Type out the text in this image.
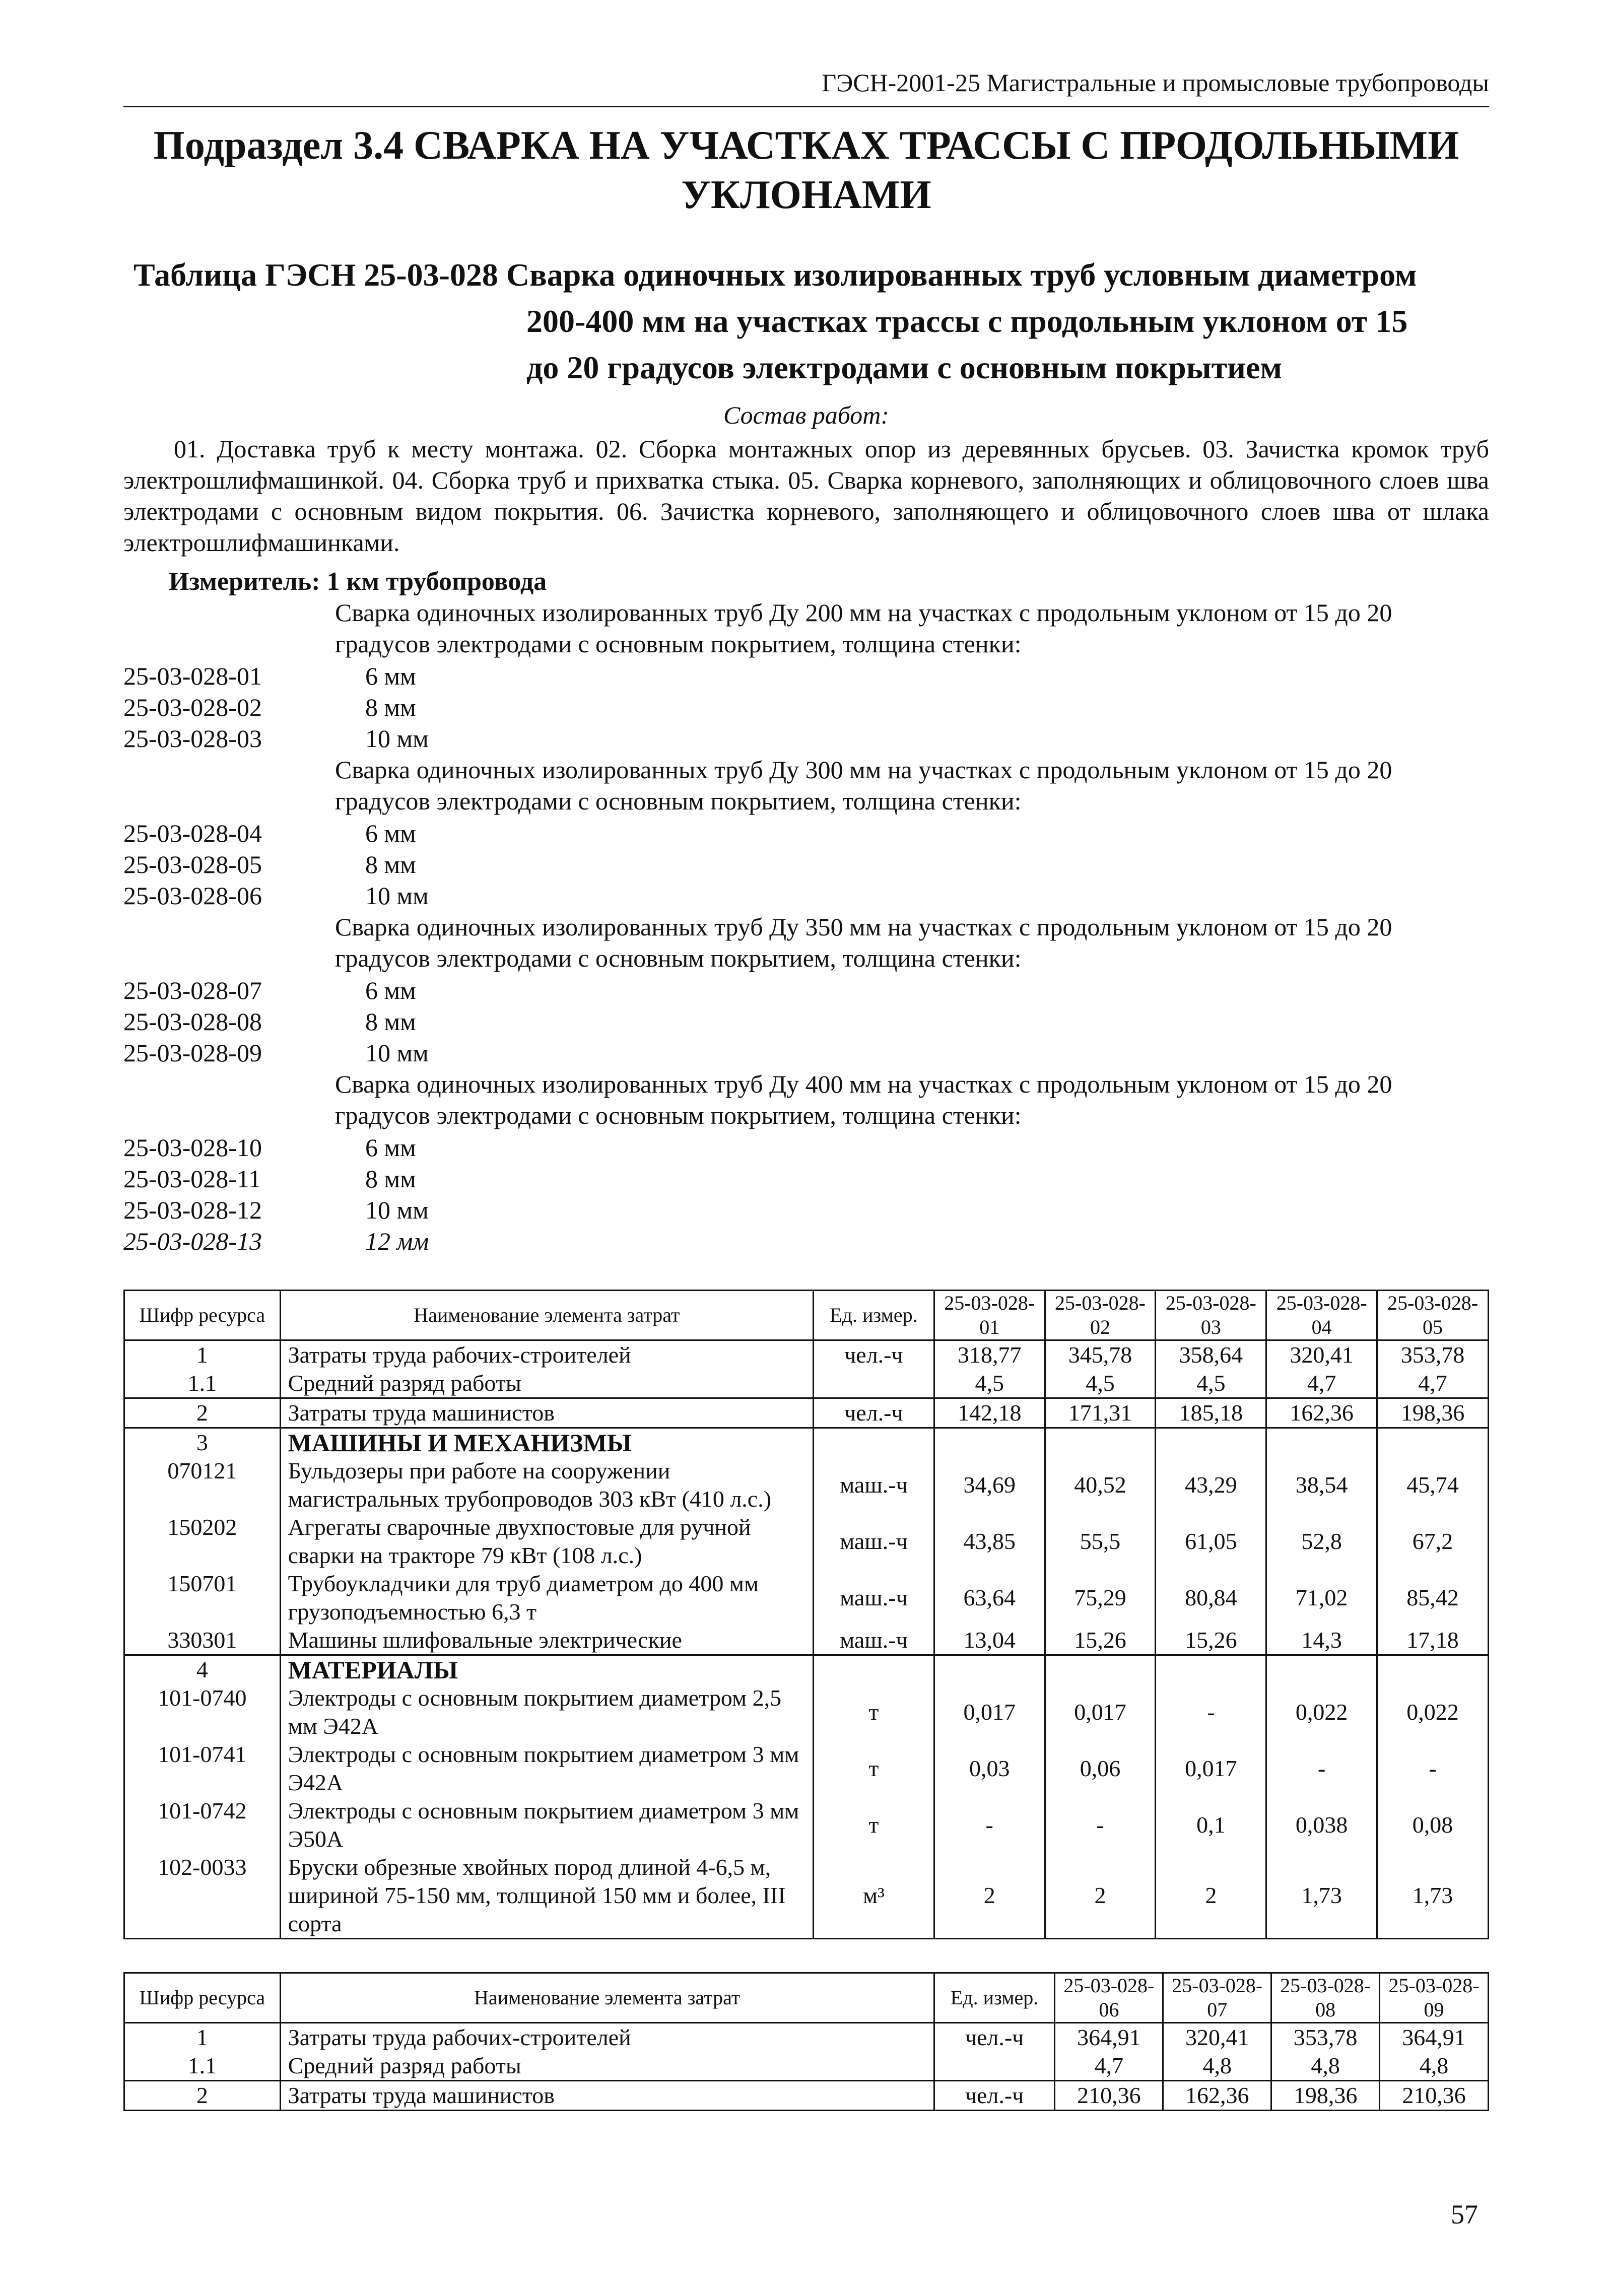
ГЭСН-2001-25 Магистральные и промысловые трубопроводы
Подраздел 3.4 СВАРКА НА УЧАСТКАХ ТРАССЫ С ПРОДОЛЬНЫМИ
УКЛОНАМИ
Таблица ГЭСН 25-03-028 Сварка одиночных изолированных труб условным диаметром
200-400 мм на участках трассы с продольным уклоном от 15
до 20 градусов электродами с основным покрытием
Состав работ:
01. Доставка труб к месту монтажа. 02. Сборка монтажных опор из деревянных брусьев. 03. Зачистка кромок труб электрошлифмашинкой. 04. Сборка труб и прихватка стыка. 05. Сварка корневого, заполняющих и облицовочного слоев шва электродами с основным видом покрытия. 06. Зачистка корневого, заполняющего и облицовочного слоев шва от шлака электрошлифмашинками.
Измеритель: 1 км трубопровода
Сварка одиночных изолированных труб Ду 200 мм на участках с продольным уклоном от 15 до 20 градусов электродами с основным покрытием, толщина стенки:
25-03-028-01	6 мм
25-03-028-02	8 мм
25-03-028-03	10 мм
Сварка одиночных изолированных труб Ду 300 мм на участках с продольным уклоном от 15 до 20 градусов электродами с основным покрытием, толщина стенки:
25-03-028-04	6 мм
25-03-028-05	8 мм
25-03-028-06	10 мм
Сварка одиночных изолированных труб Ду 350 мм на участках с продольным уклоном от 15 до 20 градусов электродами с основным покрытием, толщина стенки:
25-03-028-07	6 мм
25-03-028-08	8 мм
25-03-028-09	10 мм
Сварка одиночных изолированных труб Ду 400 мм на участках с продольным уклоном от 15 до 20 градусов электродами с основным покрытием, толщина стенки:
25-03-028-10	6 мм
25-03-028-11	8 мм
25-03-028-12	10 мм
25-03-028-13	12 мм
Шифр ресурса	Наименование элемента затрат	Ед. измер.	25-03-028-01	25-03-028-02	25-03-028-03	25-03-028-04	25-03-028-05
1	Затраты труда рабочих-строителей	чел.-ч	318,77	345,78	358,64	320,41	353,78
1.1	Средний разряд работы		4,5	4,5	4,5	4,7	4,7
2	Затраты труда машинистов	чел.-ч	142,18	171,31	185,18	162,36	198,36
3	МАШИНЫ И МЕХАНИЗМЫ						
070121	Бульдозеры при работе на сооружении магистральных трубопроводов 303 кВт (410 л.с.)	маш.-ч	34,69	40,52	43,29	38,54	45,74
150202	Агрегаты сварочные двухпостовые для ручной сварки на тракторе 79 кВт (108 л.с.)	маш.-ч	43,85	55,5	61,05	52,8	67,2
150701	Трубоукладчики для труб диаметром до 400 мм грузоподъемностью 6,3 т	маш.-ч	63,64	75,29	80,84	71,02	85,42
330301	Машины шлифовальные электрические	маш.-ч	13,04	15,26	15,26	14,3	17,18
4	МАТЕРИАЛЫ						
101-0740	Электроды с основным покрытием диаметром 2,5 мм Э42А	т	0,017	0,017	-	0,022	0,022
101-0741	Электроды с основным покрытием диаметром 3 мм Э42А	т	0,03	0,06	0,017	-	-
101-0742	Электроды с основным покрытием диаметром 3 мм Э50А	т	-	-	0,1	0,038	0,08
102-0033	Бруски обрезные хвойных пород длиной 4-6,5 м, шириной 75-150 мм, толщиной 150 мм и более, III сорта	м³	2	2	2	1,73	1,73
Шифр ресурса	Наименование элемента затрат	Ед. измер.	25-03-028-06	25-03-028-07	25-03-028-08	25-03-028-09
1	Затраты труда рабочих-строителей	чел.-ч	364,91	320,41	353,78	364,91
1.1	Средний разряд работы		4,7	4,8	4,8	4,8
2	Затраты труда машинистов	чел.-ч	210,36	162,36	198,36	210,36
57
